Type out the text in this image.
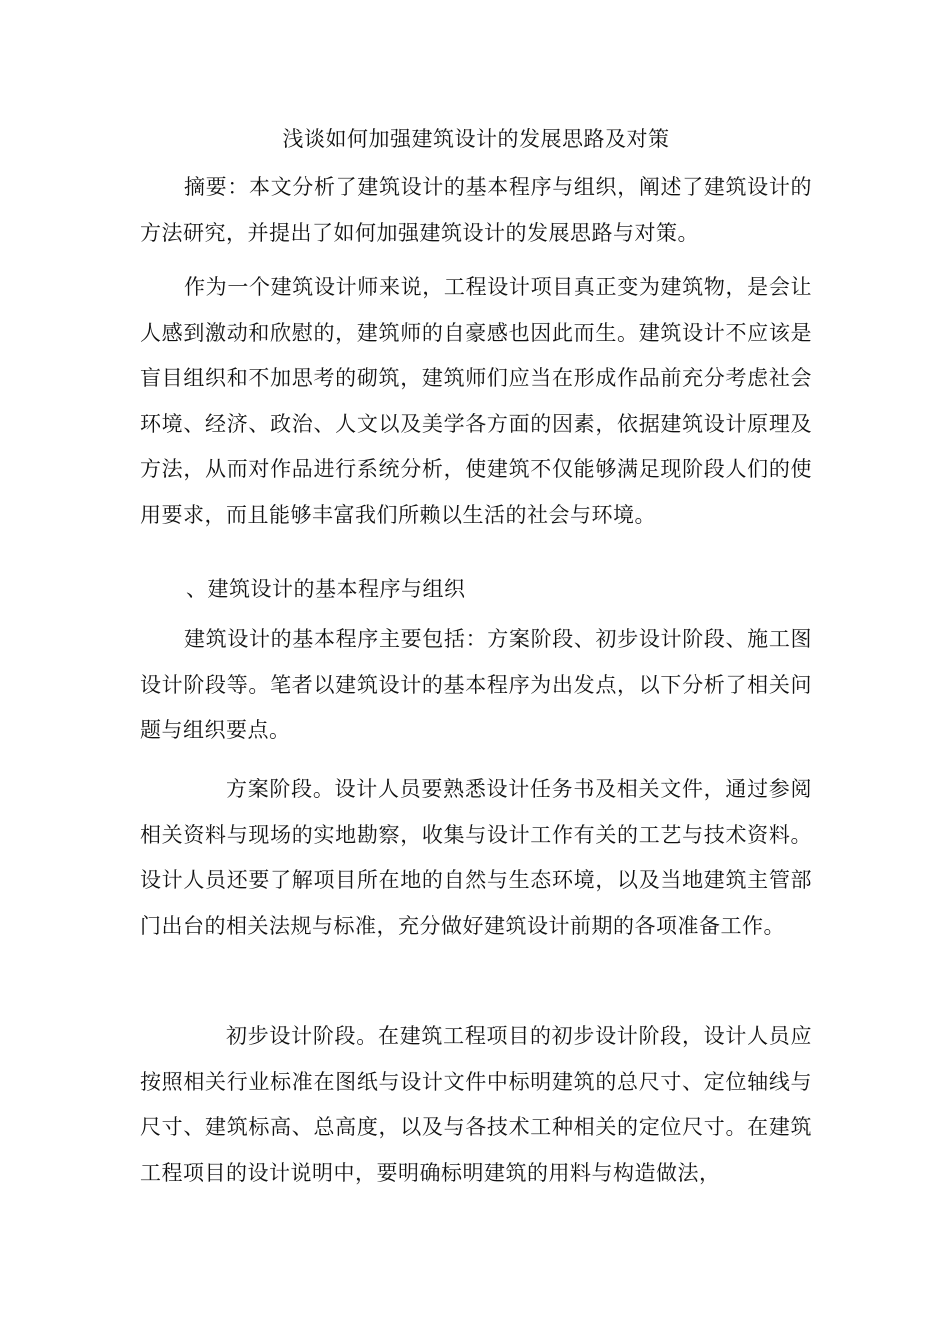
浅谈如何加强建筑设计的发展思路及对策

摘要：本文分析了建筑设计的基本程序与组织，阐述了建筑设计的方法研究，并提出了如何加强建筑设计的发展思路与对策。

作为一个建筑设计师来说，工程设计项目真正变为建筑物，是会让人感到激动和欣慰的，建筑师的自豪感也因此而生。建筑设计不应该是盲目组织和不加思考的砌筑，建筑师们应当在形成作品前充分考虑社会环境、经济、政治、人文以及美学各方面的因素，依据建筑设计原理及方法，从而对作品进行系统分析，使建筑不仅能够满足现阶段人们的使用要求，而且能够丰富我们所赖以生活的社会与环境。

、建筑设计的基本程序与组织

建筑设计的基本程序主要包括：方案阶段、初步设计阶段、施工图设计阶段等。笔者以建筑设计的基本程序为出发点，以下分析了相关问题与组织要点。

方案阶段。设计人员要熟悉设计任务书及相关文件，通过参阅相关资料与现场的实地勘察，收集与设计工作有关的工艺与技术资料。设计人员还要了解项目所在地的自然与生态环境，以及当地建筑主管部门出台的相关法规与标准，充分做好建筑设计前期的各项准备工作。

初步设计阶段。在建筑工程项目的初步设计阶段，设计人员应按照相关行业标准在图纸与设计文件中标明建筑的总尺寸、定位轴线与尺寸、建筑标高、总高度，以及与各技术工种相关的定位尺寸。在建筑工程项目的设计说明中，要明确标明建筑的用料与构造做法，
